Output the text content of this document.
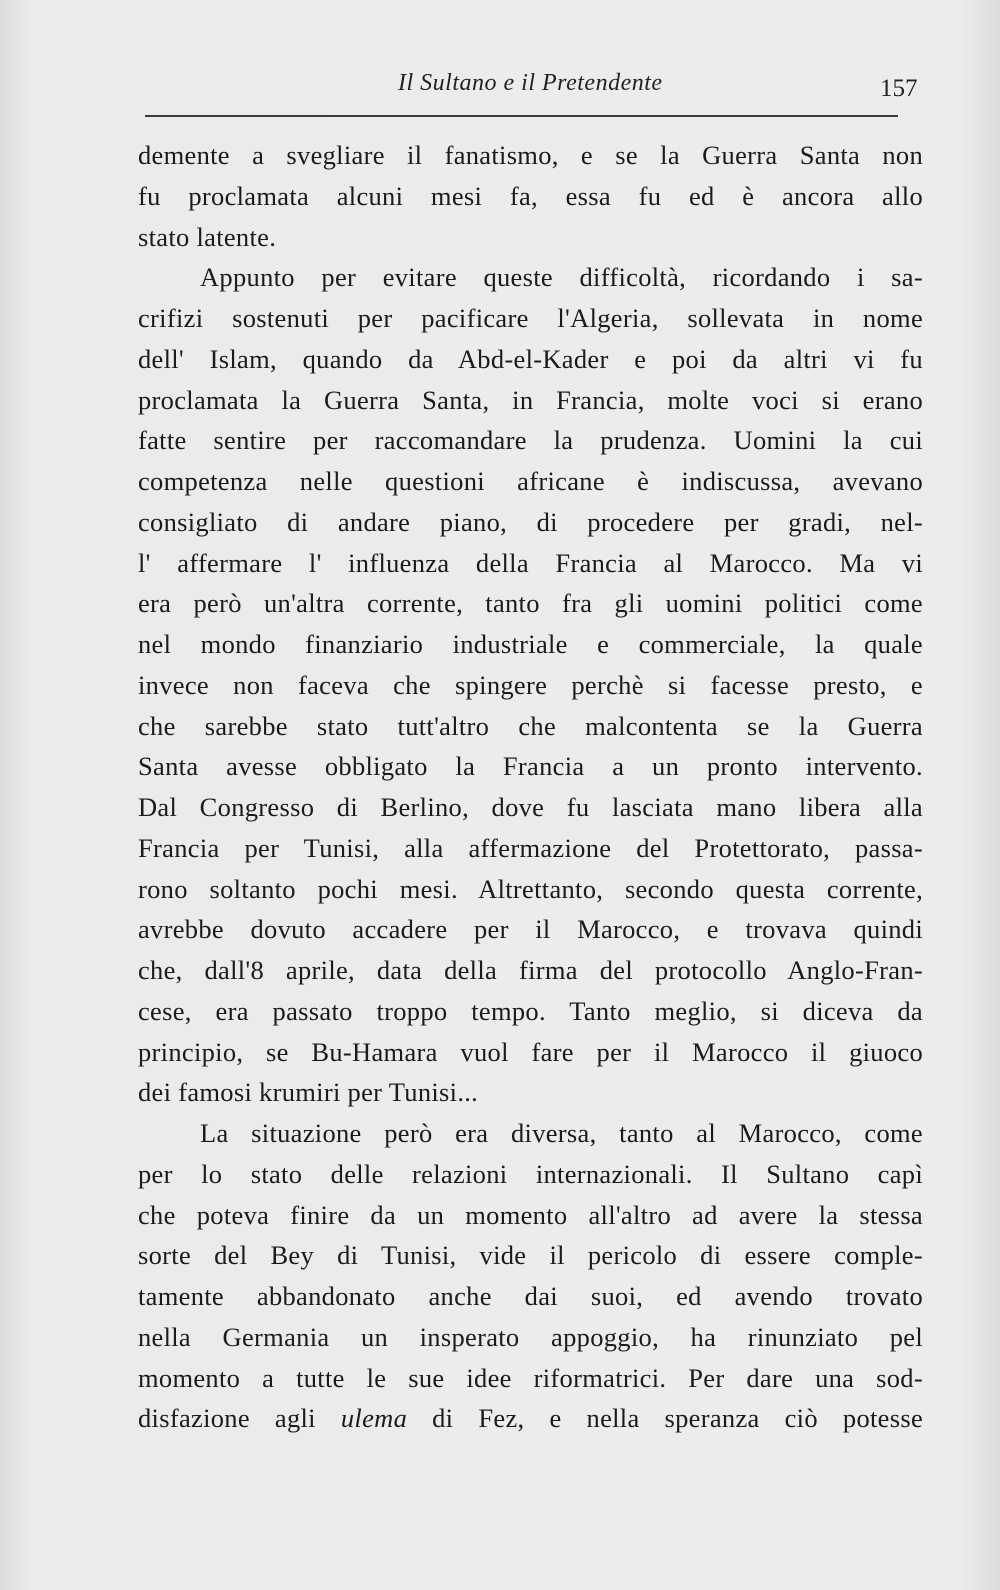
Il Sultano e il Pretendente	157
demente a svegliare il fanatismo, e se la Guerra Santa non
fu proclamata alcuni mesi fa, essa fu ed è ancora allo
stato latente.
Appunto per evitare queste difficoltà, ricordando i sa-
crifizi sostenuti per pacificare l'Algeria, sollevata in nome
dell' Islam, quando da Abd-el-Kader e poi da altri vi fu
proclamata la Guerra Santa, in Francia, molte voci si erano
fatte sentire per raccomandare la prudenza. Uomini la cui
competenza nelle questioni africane è indiscussa, avevano
consigliato di andare piano, di procedere per gradi, nel-
l' affermare l' influenza della Francia al Marocco. Ma vi
era però un'altra corrente, tanto fra gli uomini politici come
nel mondo finanziario industriale e commerciale, la quale
invece non faceva che spingere perchè si facesse presto, e
che sarebbe stato tutt'altro che malcontenta se la Guerra
Santa avesse obbligato la Francia a un pronto intervento.
Dal Congresso di Berlino, dove fu lasciata mano libera alla
Francia per Tunisi, alla affermazione del Protettorato, passa-
rono soltanto pochi mesi. Altrettanto, secondo questa corrente,
avrebbe dovuto accadere per il Marocco, e trovava quindi
che, dall'8 aprile, data della firma del protocollo Anglo-Fran-
cese, era passato troppo tempo. Tanto meglio, si diceva da
principio, se Bu-Hamara vuol fare per il Marocco il giuoco
dei famosi krumiri per Tunisi...
La situazione però era diversa, tanto al Marocco, come
per lo stato delle relazioni internazionali. Il Sultano capì
che poteva finire da un momento all'altro ad avere la stessa
sorte del Bey di Tunisi, vide il pericolo di essere comple-
tamente abbandonato anche dai suoi, ed avendo trovato
nella Germania un insperato appoggio, ha rinunziato pel
momento a tutte le sue idee riformatrici. Per dare una sod-
disfazione agli ulema di Fez, e nella speranza ciò potesse
